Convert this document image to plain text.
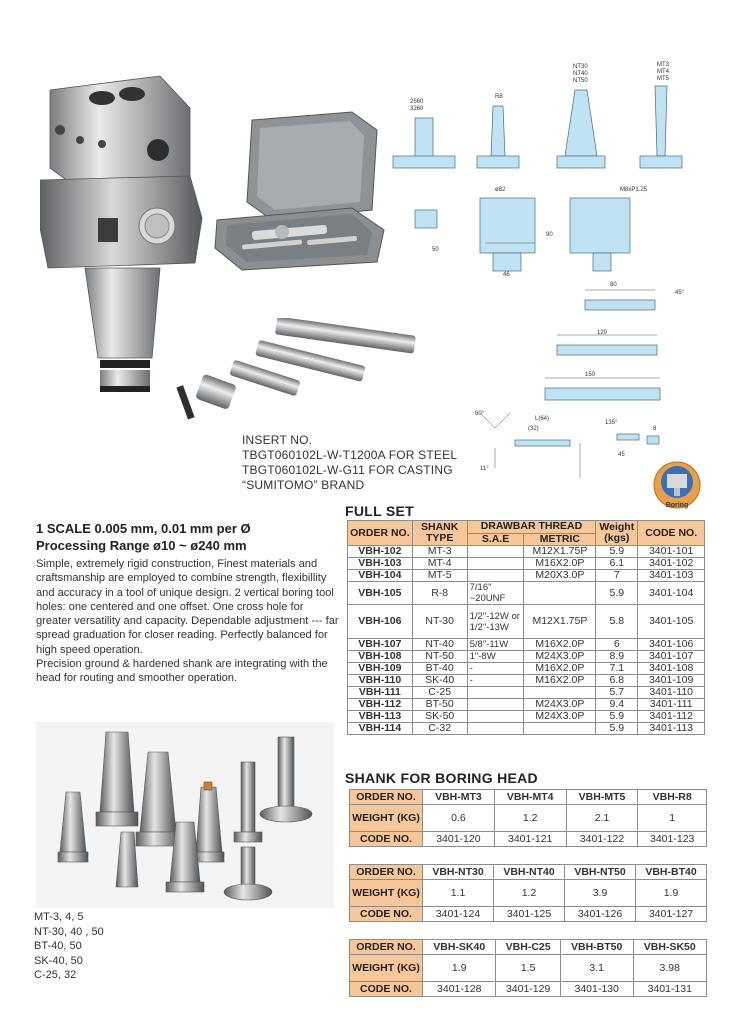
2560
3260
R8
NT30
NT40
NT50
MT3
MT4
MT5
ø82	M8xP1.25
50
46
90
80
120
150
45°
60°
135°
11°
L(64)
(32)	8
45
INSERT NO.
TBGT060102L-W-T1200A FOR STEEL
TBGT060102L-W-G11 FOR CASTING
“SUMITOMO” BRAND
Boring
1 SCALE 0.005 mm, 0.01 mm per Ø
Processing Range ø10 ~ ø240 mm

Simple, extremely rigid construction, Finest materials and craftsmanship are employed to combine strength, flexibillity and accuracy in a tool of unique design. 2 vertical boring tool holes: one centered and one offset. One cross hole for greater versatility and capacity. Dependable adjustment --- far spread graduation for closer reading. Perfectly balanced for high speed operation.

Precision ground & hardened shank are integrating with the head for routing and smoother operation.

MT-3, 4, 5
NT-30, 40 , 50
BT-40, 50
SK-40, 50
C-25, 32
FULL SET
ORDER NO.	SHANK TYPE	DRAWBAR THREAD		Weight (kgs)	CODE NO.
		S.A.E	METRIC		
VBH-102	MT-3		M12X1.75P	5.9	3401-101
VBH-103	MT-4		M16X2.0P	6.1	3401-102
VBH-104	MT-5		M20X3.0P	7	3401-103
VBH-105	R-8	7/16" ~20UNF		5.9	3401-104
VBH-106	NT-30	1/2"-12W or 1/2"-13W	M12X1.75P	5.8	3401-105
VBH-107	NT-40	5/8"-11W	M16X2.0P	6	3401-106
VBH-108	NT-50	1"-8W	M24X3.0P	8.9	3401-107
VBH-109	BT-40	-	M16X2.0P	7.1	3401-108
VBH-110	SK-40	-	M16X2.0P	6.8	3401-109
VBH-111	C-25			5.7	3401-110
VBH-112	BT-50		M24X3.0P	9.4	3401-111
VBH-113	SK-50		M24X3.0P	5.9	3401-112
VBH-114	C-32			5.9	3401-113
SHANK FOR BORING HEAD
ORDER NO.	VBH-MT3	VBH-MT4	VBH-MT5	VBH-R8
WEIGHT (KG)	0.6	1.2	2.1	1
CODE NO.	3401-120	3401-121	3401-122	3401-123
ORDER NO.	VBH-NT30	VBH-NT40	VBH-NT50	VBH-BT40
WEIGHT (KG)	1.1	1.2	3.9	1.9
CODE NO.	3401-124	3401-125	3401-126	3401-127
ORDER NO.	VBH-SK40	VBH-C25	VBH-BT50	VBH-SK50
WEIGHT (KG)	1.9	1.5	3.1	3.98
CODE NO.	3401-128	3401-129	3401-130	3401-131
